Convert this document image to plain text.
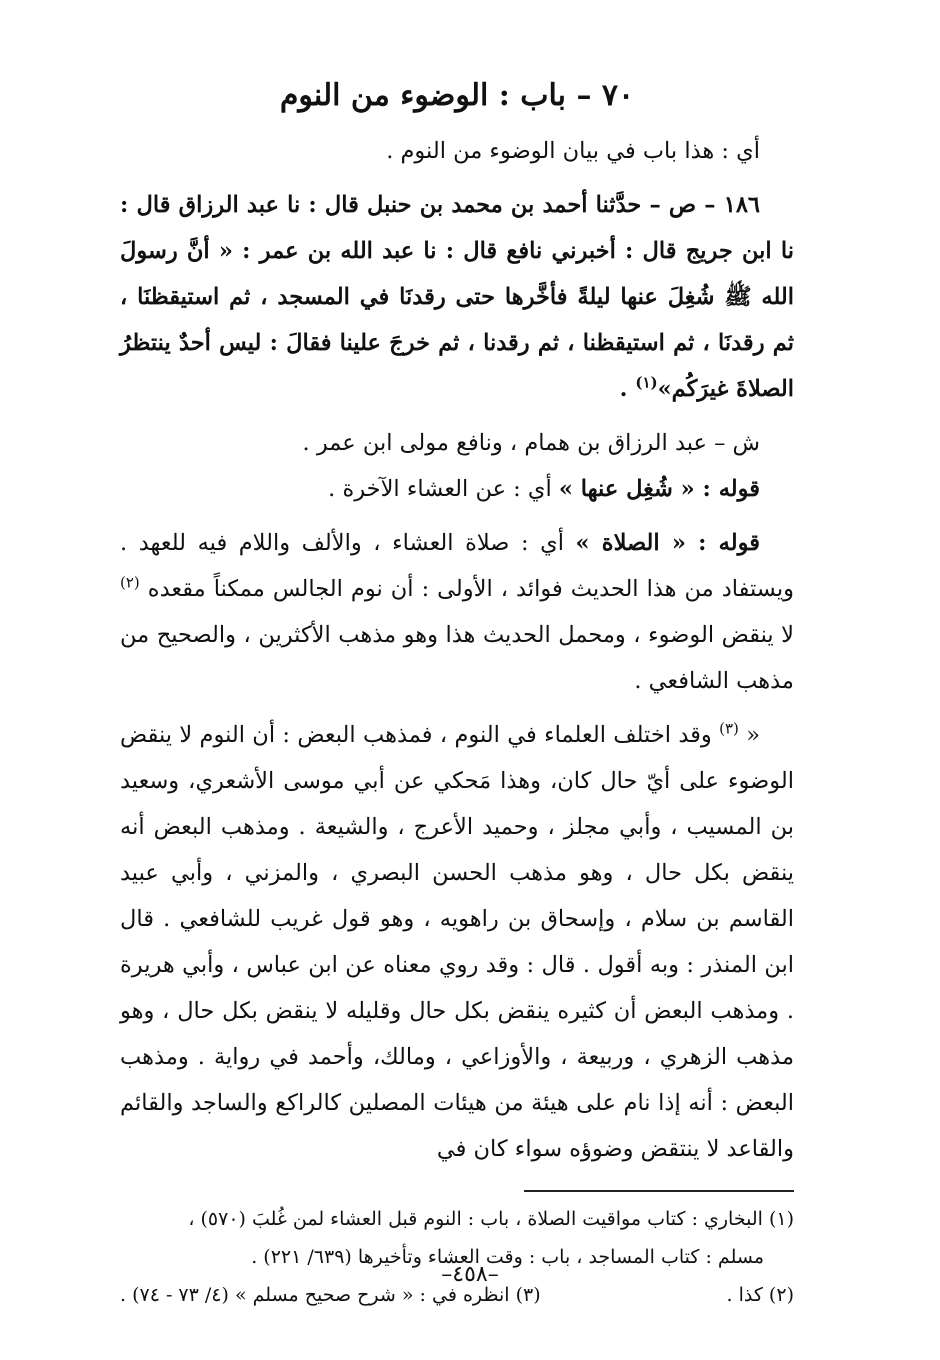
٧٠ – باب : الوضوء من النوم

أي : هذا باب في بيان الوضوء من النوم .

١٨٦ – ص – حدَّثنا أحمد بن محمد بن حنبل قال : نا عبد الرزاق قال : نا ابن جريج قال : أخبرني نافع قال : نا عبد الله بن عمر : « أنَّ رسولَ الله ﷺ شُغِلَ عنها ليلةً فأخَّرها حتى رقدنَا في المسجد ، ثم استيقظنَا ، ثم رقدنَا ، ثم استيقظنا ، ثم رقدنا ، ثم خرجَ علينا فقالَ : ليس أحدٌ ينتظرُ الصلاةَ غيرَكُم»$^{(١)}$ .

ش – عبد الرزاق بن همام ، ونافع مولى ابن عمر .

قوله : « شُغِل عنها » أي : عن العشاء الآخرة .

قوله : « الصلاة » أي : صلاة العشاء ، والألف واللام فيه للعهد . ويستفاد من هذا الحديث فوائد ، الأولى : أن نوم الجالس ممكناً مقعده $^{(٢)}$ لا ينقض الوضوء ، ومحمل الحديث هذا وهو مذهب الأكثرين ، والصحيح من مذهب الشافعي .

« $^{(٣)}$ وقد اختلف العلماء في النوم ، فمذهب البعض : أن النوم لا ينقض الوضوء على أيّ حال كان، وهذا مَحكي عن أبي موسى الأشعري، وسعيد بن المسيب ، وأبي مجلز ، وحميد الأعرج ، والشيعة . ومذهب البعض أنه ينقض بكل حال ، وهو مذهب الحسن البصري ، والمزني ، وأبي عبيد القاسم بن سلام ، وإسحاق بن راهويه ، وهو قول غريب للشافعي . قال ابن المنذر : وبه أقول . قال : وقد روي معناه عن ابن عباس ، وأبي هريرة . ومذهب البعض أن كثيره ينقض بكل حال وقليله لا ينقض بكل حال ، وهو مذهب الزهري ، وربيعة ، والأوزاعي ، ومالك، وأحمد في رواية . ومذهب البعض : أنه إذا نام على هيئة من هيئات المصلين كالراكع والساجد والقائم والقاعد لا ينتقض وضوؤه سواء كان في

(١) البخاري : كتاب مواقيت الصلاة ، باب : النوم قبل العشاء لمن غُلبَ (٥٧٠) ،

مسلم : كتاب المساجد ، باب : وقت العشاء وتأخيرها (٦٣٩/ ٢٢١) .

(٢) كذا .

(٣) انظره في : « شرح صحيح مسلم » (٤/ ٧٣ - ٧٤) .

–٤٥٨–
